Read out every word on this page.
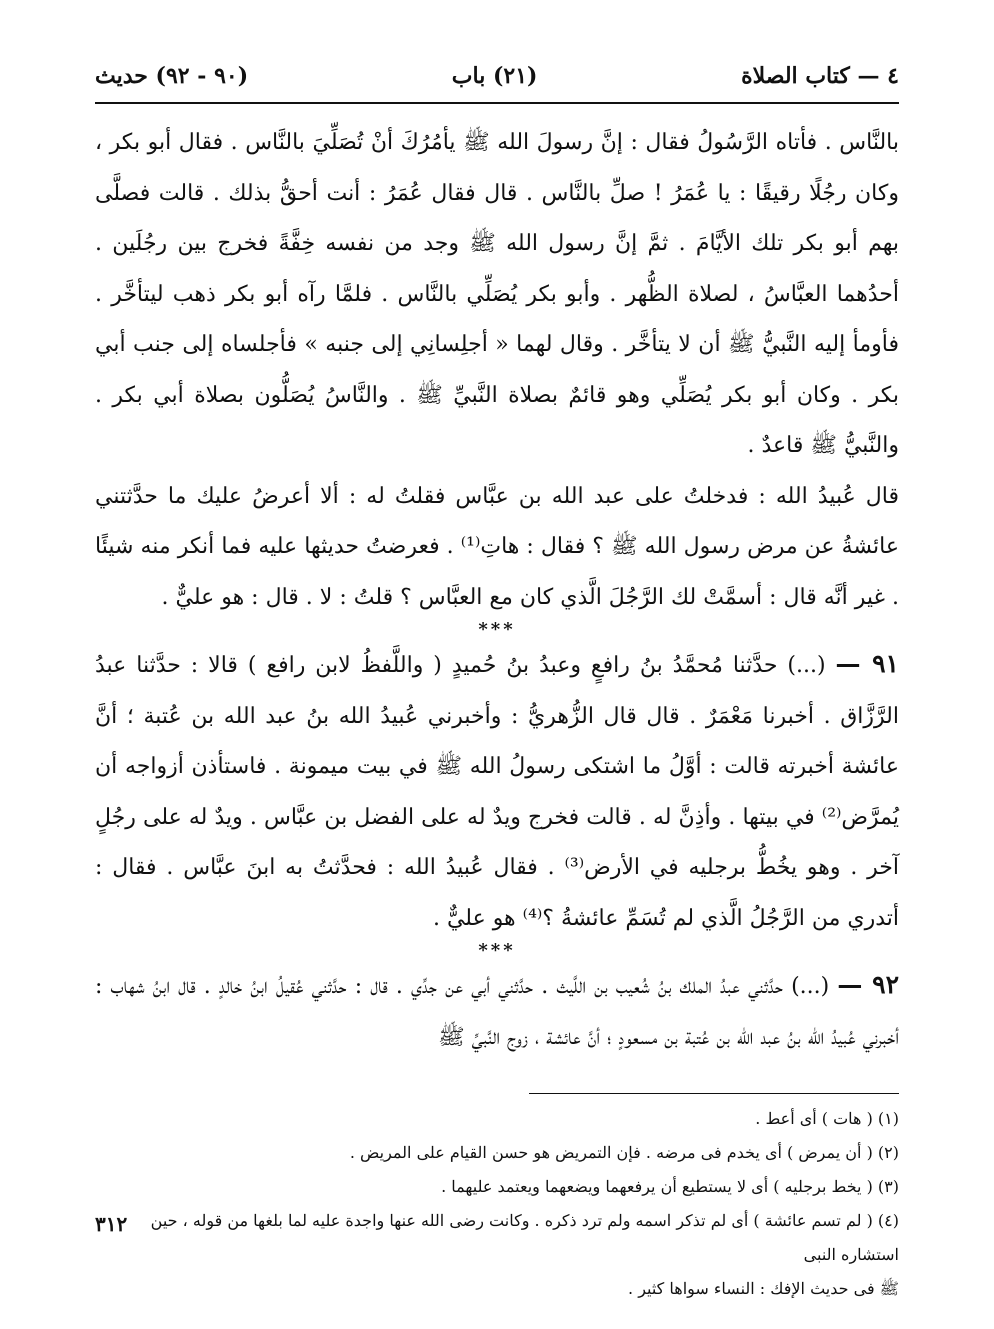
٤ — كتاب الصلاة
(٢١) باب
(٩٠ - ٩٢) حديث

بالنَّاس . فأتاه الرَّسُولُ فقال : إنَّ رسولَ الله ﷺ يأمُرُكَ أنْ تُصَلِّيَ بالنَّاس . فقال أبو بكر ، وكان رجُلًا رقيقًا : يا عُمَرُ ! صلِّ بالنَّاس . قال فقال عُمَرُ : أنت أحقُّ بذلك . قالت فصلَّى بهم أبو بكر تلك الأيَّامَ . ثمَّ إنَّ رسول الله ﷺ وجد من نفسه خِفَّةً فخرج بين رجُلَين . أحدُهما العبَّاسُ ، لصلاة الظُّهر . وأبو بكر يُصَلِّي بالنَّاس . فلمَّا رآه أبو بكر ذهب ليتأخَّر . فأومأ إليه النَّبيُّ ﷺ أن لا يتأخَّر . وقال لهما « أجلِسانِي إلى جنبه » فأجلساه إلى جنب أبي بكر . وكان أبو بكر يُصَلِّي وهو قائمٌ بصلاة النَّبيِّ ﷺ . والنَّاسُ يُصَلُّون بصلاة أبي بكر . والنَّبيُّ ﷺ قاعدٌ .

قال عُبيدُ الله : فدخلتُ على عبد الله بن عبَّاس فقلتُ له : ألا أعرضُ عليك ما حدَّثتني عائشةُ عن مرض رسول الله ﷺ ؟ فقال : هاتِ⁽¹⁾ . فعرضتُ حديثها عليه فما أنكر منه شيئًا . غير أنَّه قال : أسمَّتْ لك الرَّجُلَ الَّذي كان مع العبَّاس ؟ قلتُ : لا . قال : هو عليٌّ .

***

٩١ — (...) حدَّثنا مُحمَّدُ بنُ رافعٍ وعبدُ بنُ حُميدٍ ( واللَّفظُ لابن رافع ) قالا : حدَّثنا عبدُ الرَّزَّاق . أخبرنا مَعْمَرٌ . قال قال الزُّهريُّ : وأخبرني عُبيدُ الله بنُ عبد الله بن عُتبة ؛ أنَّ عائشة أخبرته قالت : أوَّلُ ما اشتكى رسولُ الله ﷺ في بيت ميمونة . فاستأذن أزواجه أن يُمرَّض⁽²⁾ في بيتها . وأذِنَّ له . قالت فخرج ويدٌ له على الفضل بن عبَّاس . ويدٌ له على رجُلٍ آخر . وهو يخُطُّ برجليه في الأرض⁽³⁾ . فقال عُبيدُ الله : فحدَّثتُ به ابنَ عبَّاس . فقال : أتدري من الرَّجُلُ الَّذي لم تُسَمِّ عائشةُ ؟⁽⁴⁾ هو عليٌّ .

***

٩٢ — (...) حدَّثني عبدُ الملك بنُ شُعيب بن اللَّيث . حدَّثني أبي عن جدِّي . قال : حدَّثني عُقيلُ ابنُ خالدٍ . قال ابنُ شهاب : أخبرني عُبيدُ الله بنُ عبد الله بن عُتبة بن مسعودٍ ؛ أنَّ عائشة ، زوج النَّبيِّ ﷺ

(١) ( هات ) أى أعط .

(٢) ( أن يمرض ) أى يخدم فى مرضه . فإن التمريض هو حسن القيام على المريض .

(٣) ( يخط برجليه ) أى لا يستطيع أن يرفعهما ويضعهما ويعتمد عليهما .

(٤) ( لم تسم عائشة ) أى لم تذكر اسمه ولم ترد ذكره . وكانت رضى الله عنها واجدة عليه لما بلغها من قوله ، حين استشاره النبى

ﷺ فى حديث الإفك : النساء سواها كثير .

٣١٢
